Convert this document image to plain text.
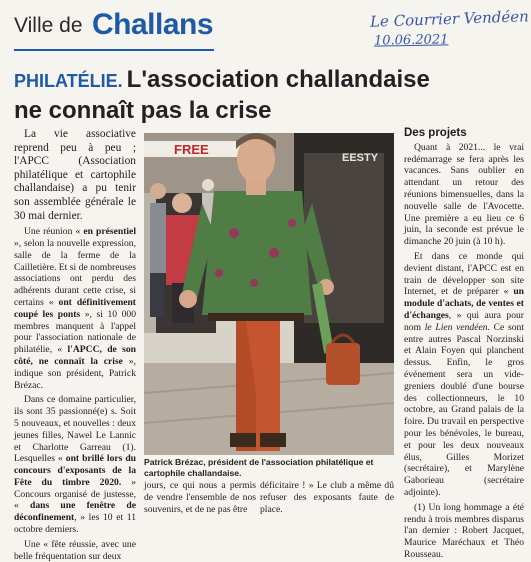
Ville de Challans	Le Courrier Vendéen
10.06.2021
PHILATÉLIE. L'association challandaise
ne connaît pas la crise

La vie associative reprend peu à peu ; l'APCC (Association philatélique et cartophile challandaise) a pu tenir son assemblée générale le 30 mai dernier.

Une réunion « en présentiel », selon la nouvelle expression, salle de la ferme de la Cailletière. Et si de nombreuses associations ont perdu des adhérents durant cette crise, si certains « ont définitivement coupé les ponts », si 10 000 membres manquent à l'appel pour l'association nationale de philatélie, « l'APCC, de son côté, ne connaît la crise », indique son président, Patrick Brézac.

Dans ce domaine particulier, ils sont 35 passionné(e) s. Soit 5 nouveaux, et nouvelles : deux jeunes filles, Nawel Le Lannic et Charlotte Garreau (1). Lesquelles « ont brillé lors du concours d'exposants de la Fête du timbre 2020. » Concours organisé de justesse, « dans une fenêtre de déconfinement, » les 10 et 11 octobre derniers.

Une « fête réussie, avec une belle fréquentation sur deux

FREE
EESTY
Patrick Brézac, président de l'association philatélique et cartophile challandaise.

jours, ce qui nous a permis de vendre l'ensemble de nos souvenirs, et de ne pas être

déficitaire ! » Le club a même dû refuser des exposants faute de place.

Des projets

Quant à 2021... le vrai redémarrage se fera après les vacances. Sans oublier en attendant un retour des réunions bimensuelles, dans la nouvelle salle de l'Avocette. Une première a eu lieu ce 6 juin, la seconde est prévue le dimanche 20 juin (à 10 h).

Et dans ce monde qui devient distant, l'APCC est en train de développer son site Internet, et de préparer « un module d'achats, de ventes et d'échanges, » qui aura pour nom le Lien vendéen. Ce sont entre autres Pascal Norzinski et Alain Foyen qui planchent dessus. Enfin, le gros événement sera un vide-greniers doublé d'une bourse des collectionneurs, le 10 octobre, au Grand palais de la foire. Du travail en perspective pour les bénévoles, le bureau, et pour les deux nouveaux élus, Gilles Morizet (secrétaire), et Marylène Gaborieau (secrétaire adjointe).

(1) Un long hommage a été rendu à trois membres disparus l'an dernier : Robert Jacquet, Maurice Maréchaux et Théo Rousseau.
